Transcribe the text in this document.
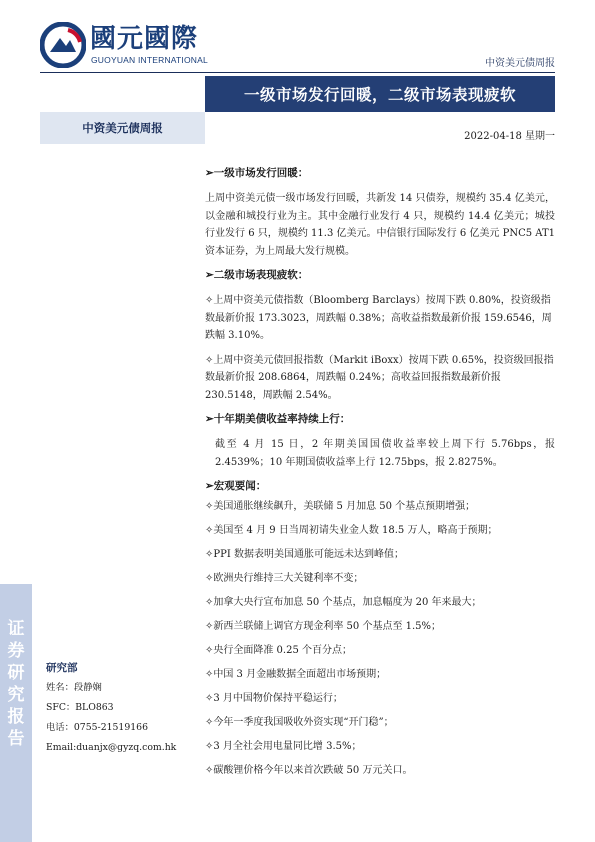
國元國際
GUOYUAN INTERNATIONAL	中资美元债周报
一级市场发行回暖，二级市场表现疲软
中资美元债周报
2022-04-18 星期一
证
券
研
究
报
告
研究部
姓名：段静娴
SFC：BLO863
电话：0755-21519166
Email:duanjx@gyzq.com.hk
➢一级市场发行回暖：
上周中资美元债一级市场发行回暖，共新发 14 只债券，规模约 35.4 亿美元，以金融和城投行业为主。其中金融行业发行 4 只，规模约 14.4 亿美元；城投行业发行 6 只，规模约 11.3 亿美元。中信银行国际发行 6 亿美元 PNC5 AT1 资本证券，为上周最大发行规模。
➢二级市场表现疲软：
✧上周中资美元债指数（Bloomberg Barclays）按周下跌 0.80%，投资级指数最新价报 173.3023，周跌幅 0.38%；高收益指数最新价报 159.6546，周跌幅 3.10%。
✧上周中资美元债回报指数（Markit iBoxx）按周下跌 0.65%，投资级回报指数最新价报 208.6864，周跌幅 0.24%；高收益回报指数最新价报 230.5148，周跌幅 2.54%。
➢十年期美债收益率持续上行：
截至 4 月 15 日，2 年期美国国债收益率较上周下行 5.76bps，报 2.4539%；10 年期国债收益率上行 12.75bps，报 2.8275%。
➢宏观要闻：
✧美国通胀继续飙升，美联储 5 月加息 50 个基点预期增强；
✧美国至 4 月 9 日当周初请失业金人数 18.5 万人，略高于预期；
✧PPI 数据表明美国通胀可能远未达到峰值；
✧欧洲央行维持三大关键利率不变；
✧加拿大央行宣布加息 50 个基点，加息幅度为 20 年来最大；
✧新西兰联储上调官方现金利率 50 个基点至 1.5%；
✧央行全面降准 0.25 个百分点；
✧中国 3 月金融数据全面超出市场预期；
✧3 月中国物价保持平稳运行；
✧今年一季度我国吸收外资实现“开门稳”；
✧3 月全社会用电量同比增 3.5%；
✧碳酸锂价格今年以来首次跌破 50 万元关口。
